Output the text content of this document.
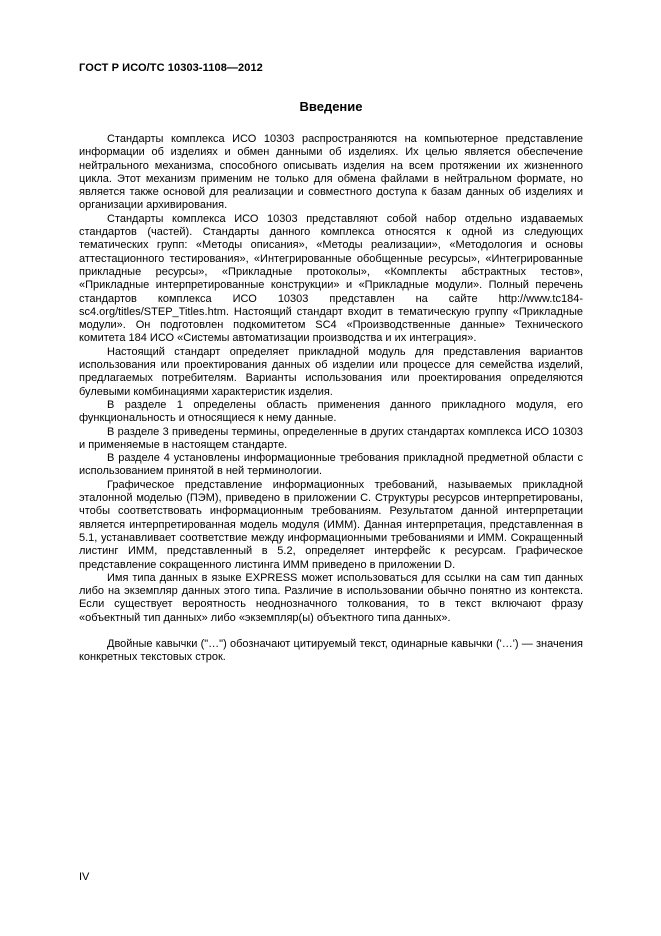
ГОСТ Р ИСО/ТС 10303-1108—2012
Введение

Стандарты комплекса ИСО 10303 распространяются на компьютерное представление информации об изделиях и обмен данными об изделиях. Их целью является обеспечение нейтрального механизма, способного описывать изделия на всем протяжении их жизненного цикла. Этот механизм применим не только для обмена файлами в нейтральном формате, но является также основой для реализации и совместного доступа к базам данных об изделиях и организации архивирования.

Стандарты комплекса ИСО 10303 представляют собой набор отдельно издаваемых стандартов (частей). Стандарты данного комплекса относятся к одной из следующих тематических групп: «Методы описания», «Методы реализации», «Методология и основы аттестационного тестирования», «Интегрированные обобщенные ресурсы», «Интегрированные прикладные ресурсы», «Прикладные протоколы», «Комплекты абстрактных тестов», «Прикладные интерпретированные конструкции» и «Прикладные модули». Полный перечень стандартов комплекса ИСО 10303 представлен на сайте http://www.tc184-sc4.org/titles/STEP_Titles.htm. Настоящий стандарт входит в тематическую группу «Прикладные модули». Он подготовлен подкомитетом SC4 «Производственные данные» Технического комитета 184 ИСО «Системы автоматизации производства и их интеграция».

Настоящий стандарт определяет прикладной модуль для представления вариантов использования или проектирования данных об изделии или процессе для семейства изделий, предлагаемых потребителям. Варианты использования или проектирования определяются булевыми комбинациями характеристик изделия.

В разделе 1 определены область применения данного прикладного модуля, его функциональность и относящиеся к нему данные.

В разделе 3 приведены термины, определенные в других стандартах комплекса ИСО 10303 и применяемые в настоящем стандарте.

В разделе 4 установлены информационные требования прикладной предметной области с использованием принятой в ней терминологии.

Графическое представление информационных требований, называемых прикладной эталонной моделью (ПЭМ), приведено в приложении C. Структуры ресурсов интерпретированы, чтобы соответствовать информационным требованиям. Результатом данной интерпретации является интерпретированная модель модуля (ИММ). Данная интерпретация, представленная в 5.1, устанавливает соответствие между информационными требованиями и ИММ. Сокращенный листинг ИММ, представленный в 5.2, определяет интерфейс к ресурсам. Графическое представление сокращенного листинга ИММ приведено в приложении D.

Имя типа данных в языке EXPRESS может использоваться для ссылки на сам тип данных либо на экземпляр данных этого типа. Различие в использовании обычно понятно из контекста. Если существует вероятность неоднозначного толкования, то в текст включают фразу «объектный тип данных» либо «экземпляр(ы) объектного типа данных».

Двойные кавычки ("…") обозначают цитируемый текст, одинарные кавычки ('…') — значения конкретных текстовых строк.

IV
